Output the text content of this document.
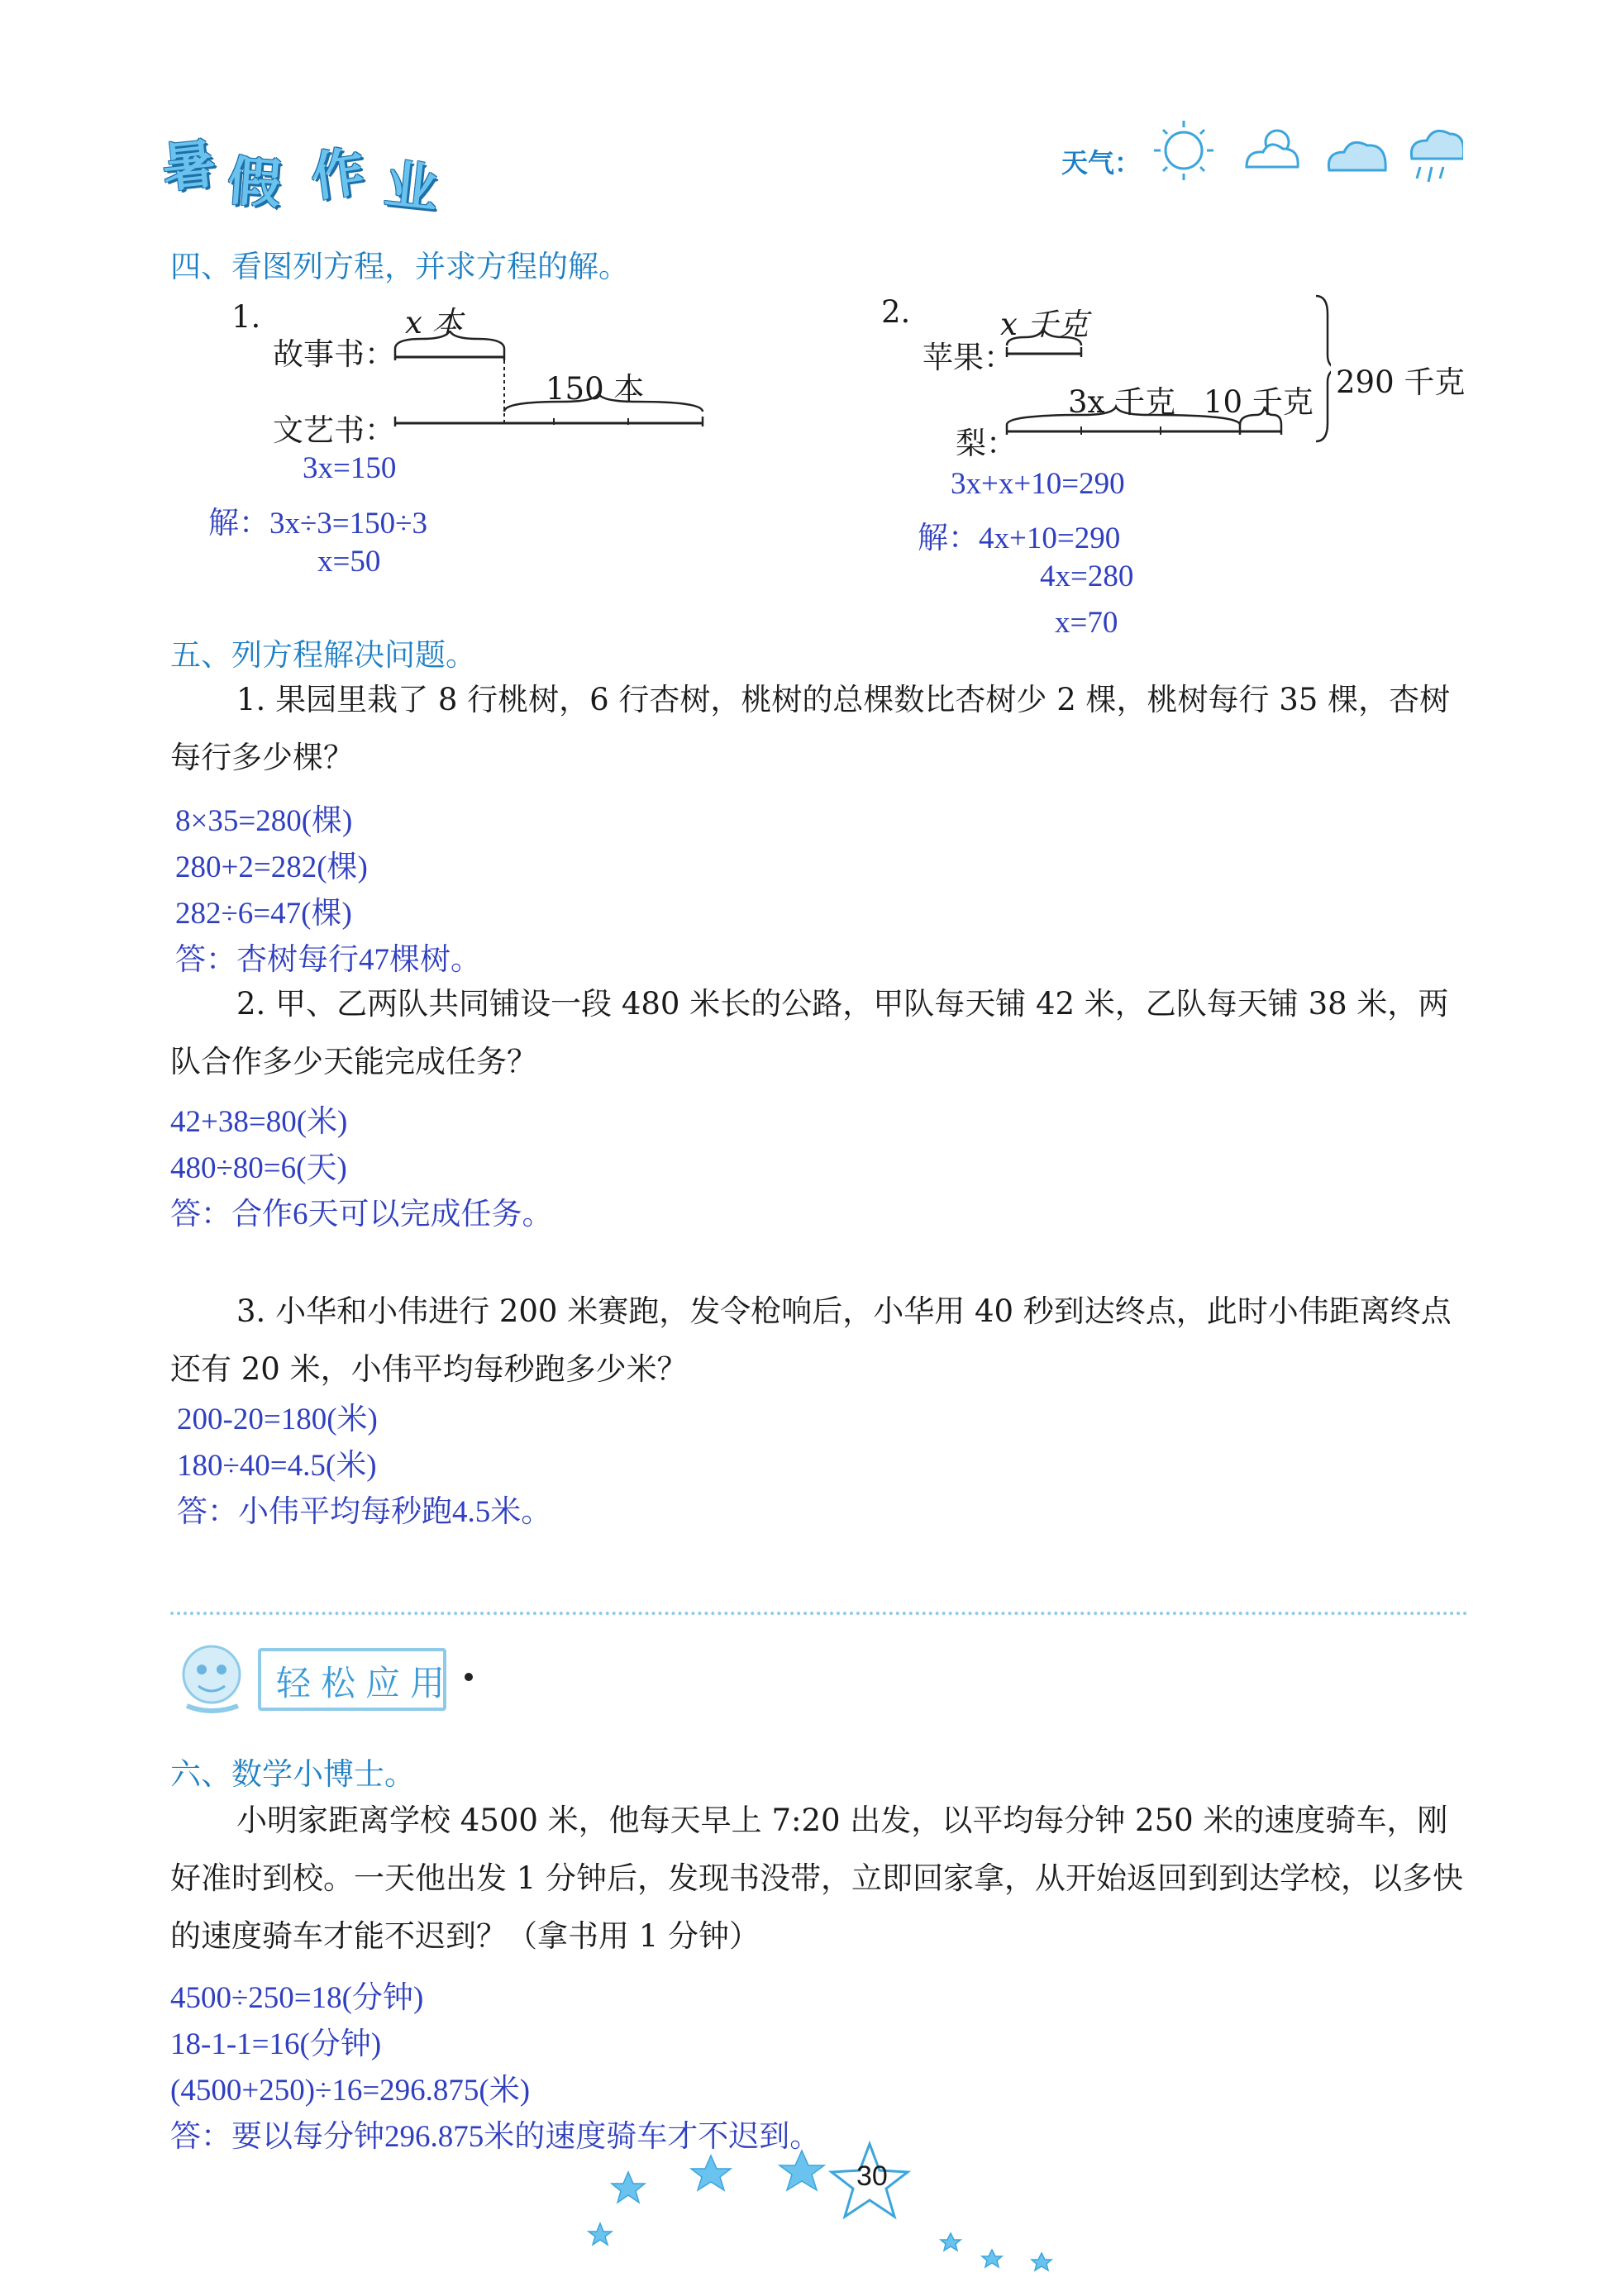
暑 假 作 业	天气：
四、看图列方程，并求方程的解。
1.	x 本
故事书：
150 本
文艺书：
3x=150
解：3x÷3=150÷3
x=50
2.	x 千克
苹果：
3x 千克 10 千克
290 千克
梨：
3x+x+10=290
解：4x+10=290
4x=280
x=70
五、列方程解决问题。
1. 果园里栽了 8 行桃树，6 行杏树，桃树的总棵数比杏树少 2 棵，桃树每行 35 棵，杏树每行多少棵？
8×35=280(棵)
280+2=282(棵)
282÷6=47(棵)
答：杏树每行47棵树。
2. 甲、乙两队共同铺设一段 480 米长的公路，甲队每天铺 42 米，乙队每天铺 38 米，两队合作多少天能完成任务？
42+38=80(米)
480÷80=6(天)
答：合作6天可以完成任务。
3. 小华和小伟进行 200 米赛跑，发令枪响后，小华用 40 秒到达终点，此时小伟距离终点还有 20 米，小伟平均每秒跑多少米？
200-20=180(米)
180÷40=4.5(米)
答：小伟平均每秒跑4.5米。
轻松应用
六、数学小博士。
小明家距离学校 4500 米，他每天早上 7:20 出发，以平均每分钟 250 米的速度骑车，刚好准时到校。一天他出发 1 分钟后，发现书没带，立即回家拿，从开始返回到到达学校，以多快的速度骑车才能不迟到？（拿书用 1 分钟）
4500÷250=18(分钟)
18-1-1=16(分钟)
(4500+250)÷16=296.875(米)
答：要以每分钟296.875米的速度骑车才不迟到。
30
